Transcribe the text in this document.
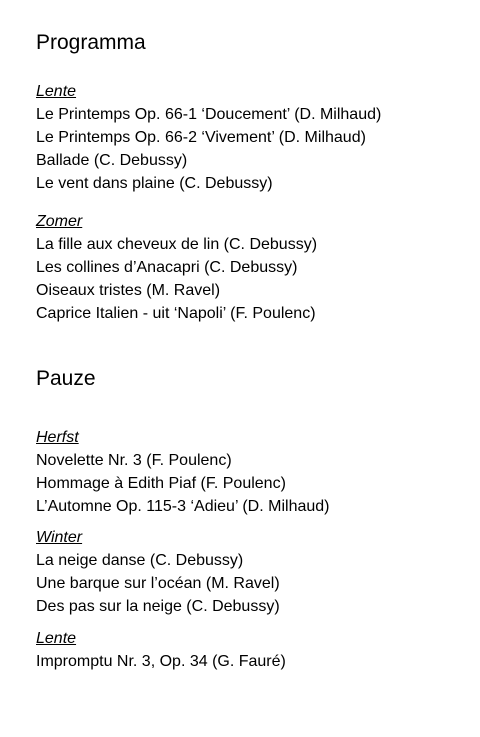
Programma
Lente
Le Printemps Op. 66-1 ‘Doucement’ (D. Milhaud)
Le Printemps Op. 66-2 ‘Vivement’ (D. Milhaud)
Ballade (C. Debussy)
Le vent dans plaine (C. Debussy)
Zomer
La fille aux cheveux de lin (C. Debussy)
Les collines d’Anacapri (C. Debussy)
Oiseaux tristes (M. Ravel)
Caprice Italien - uit ‘Napoli’ (F. Poulenc)
Pauze
Herfst
Novelette Nr. 3 (F. Poulenc)
Hommage à Edith Piaf (F. Poulenc)
L’Automne Op. 115-3 ‘Adieu’ (D. Milhaud)
Winter
La neige danse (C. Debussy)
Une barque sur l’océan (M. Ravel)
Des pas sur la neige (C. Debussy)
Lente
Impromptu Nr. 3, Op. 34 (G. Fauré)
